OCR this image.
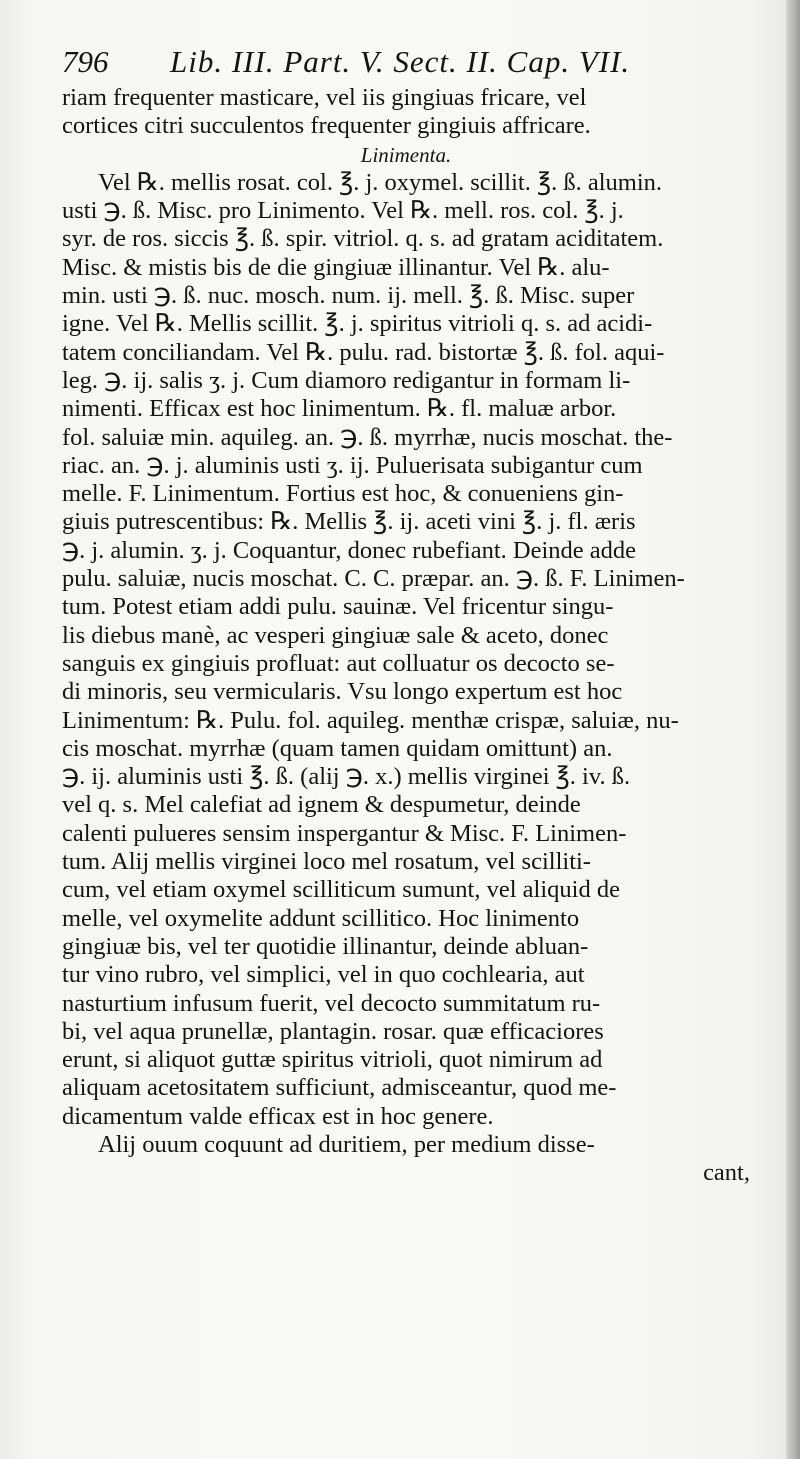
796 Lib. III. Part. V. Sect. II. Cap. VII.
riam frequenter masticare, vel iis gingiuas fricare, vel
cortices citri succulentos frequenter gingiuis affricare.
Linimenta.
Vel ℞. mellis rosat. col. ℥. j. oxymel. scillit. ℥. ß. alumin.
usti ℈. ß. Misc. pro Linimento. Vel ℞. mell. ros. col. ℥. j.
syr. de ros. siccis ℥. ß. spir. vitriol. q. s. ad gratam aciditatem.
Misc. & mistis bis de die gingiuæ illinantur. Vel ℞. alu-
min. usti ℈. ß. nuc. mosch. num. ij. mell. ℥. ß. Misc. super
igne. Vel ℞. Mellis scillit. ℥. j. spiritus vitrioli q. s. ad acidi-
tatem conciliandam. Vel ℞. pulu. rad. bistortæ ℥. ß. fol. aqui-
leg. ℈. ij. salis ʒ. j. Cum diamoro redigantur in formam li-
nimenti. Efficax est hoc linimentum. ℞. fl. maluæ arbor.
fol. saluiæ min. aquileg. an. ℈. ß. myrrhæ, nucis moschat. the-
riac. an. ℈. j. aluminis usti ʒ. ij. Puluerisata subigantur cum
melle. F. Linimentum. Fortius est hoc, & conueniens gin-
giuis putrescentibus: ℞. Mellis ℥. ij. aceti vini ℥. j. fl. æris
℈. j. alumin. ʒ. j. Coquantur, donec rubefiant. Deinde adde
pulu. saluiæ, nucis moschat. C. C. præpar. an. ℈. ß. F. Linimen-
tum. Potest etiam addi pulu. sauinæ. Vel fricentur singu-
lis diebus manè, ac vesperi gingiuæ sale & aceto, donec
sanguis ex gingiuis profluat: aut colluatur os decocto se-
di minoris, seu vermicularis. Vsu longo expertum est hoc
Linimentum: ℞. Pulu. fol. aquileg. menthæ crispæ, saluiæ, nu-
cis moschat. myrrhæ (quam tamen quidam omittunt) an.
℈. ij. aluminis usti ℥. ß. (alij ℈. x.) mellis virginei ℥. iv. ß.
vel q. s. Mel calefiat ad ignem & despumetur, deinde
calenti pulueres sensim inspergantur & Misc. F. Linimen-
tum. Alij mellis virginei loco mel rosatum, vel scilliti-
cum, vel etiam oxymel scilliticum sumunt, vel aliquid de
melle, vel oxymelite addunt scillitico. Hoc linimento
gingiuæ bis, vel ter quotidie illinantur, deinde abluan-
tur vino rubro, vel simplici, vel in quo cochlearia, aut
nasturtium infusum fuerit, vel decocto summitatum ru-
bi, vel aqua prunellæ, plantagin. rosar. quæ efficaciores
erunt, si aliquot guttæ spiritus vitrioli, quot nimirum ad
aliquam acetositatem sufficiunt, admisceantur, quod me-
dicamentum valde efficax est in hoc genere.
Alij ouum coquunt ad duritiem, per medium disse-
cant,
